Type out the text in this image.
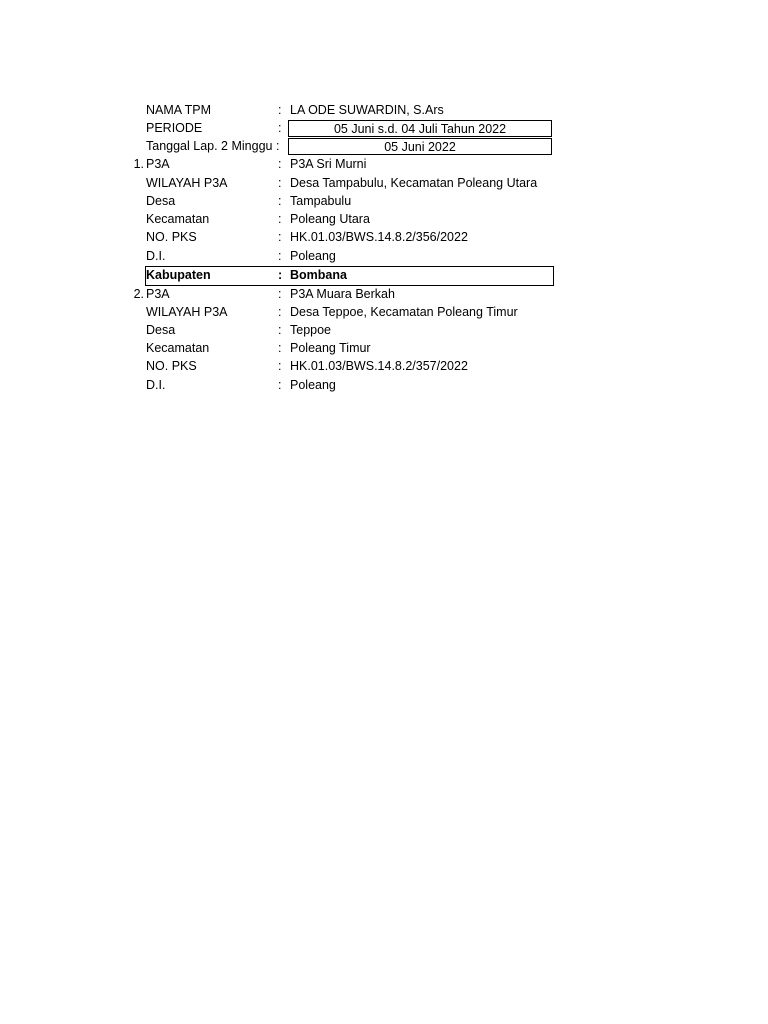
NAMA TPM	: LA ODE SUWARDIN, S.Ars
PERIODE	:	05 Juni s.d. 04 Juli Tahun 2022
Tanggal Lap. 2 Minggu :	05 Juni 2022
1. P3A	: P3A Sri Murni
WILAYAH P3A	: Desa Tampabulu, Kecamatan Poleang Utara
Desa	: Tampabulu
Kecamatan	: Poleang Utara
NO. PKS	: HK.01.03/BWS.14.8.2/356/2022
D.I.	: Poleang
Kabupaten	: Bombana
2. P3A	: P3A Muara Berkah
WILAYAH P3A	: Desa Teppoe, Kecamatan Poleang Timur
Desa	: Teppoe
Kecamatan	: Poleang Timur
NO. PKS	: HK.01.03/BWS.14.8.2/357/2022
D.I.	: Poleang
